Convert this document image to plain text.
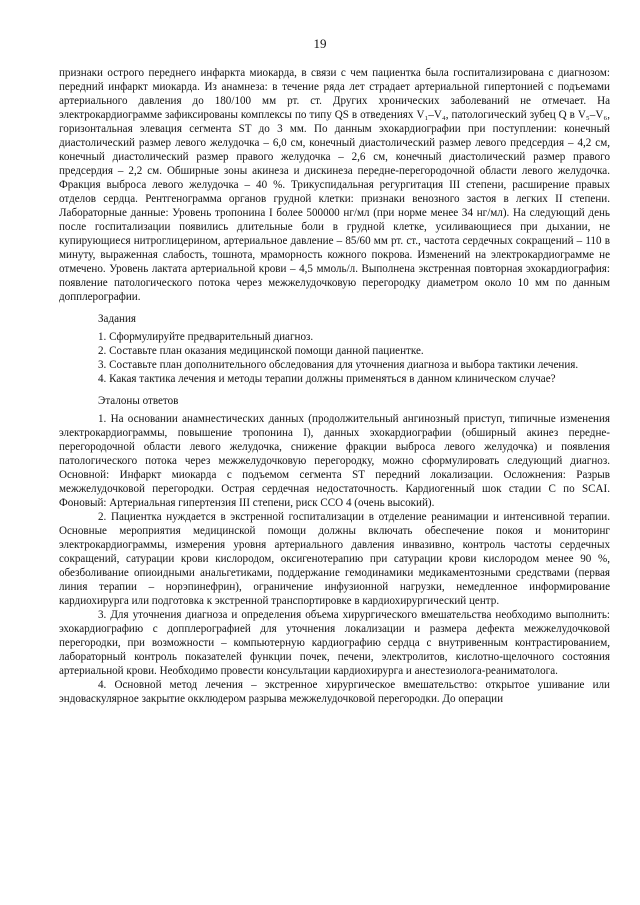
19

признаки острого переднего инфаркта миокарда, в связи с чем пациентка была госпитализирована с диагнозом: передний инфаркт миокарда. Из анамнеза: в течение ряда лет страдает артериальной гипертонией с подъемами артериального давления до 180/100 мм рт. ст. Других хронических заболеваний не отмечает. На электрокардиограмме зафиксированы комплексы по типу QS в отведениях V₁–V₄, патологический зубец Q в V₅–V₆, горизонтальная элевация сегмента ST до 3 мм. По данным эхокардиографии при поступлении: конечный диастолический размер левого желудочка – 6,0 см, конечный диастолический размер левого предсердия – 4,2 см, конечный диастолический размер правого желудочка – 2,6 см, конечный диастолический размер правого предсердия – 2,2 см. Обширные зоны акинеза и дискинеза передне-перегородочной области левого желудочка. Фракция выброса левого желудочка – 40 %. Трикуспидальная регургитация III степени, расширение правых отделов сердца. Рентгенограмма органов грудной клетки: признаки венозного застоя в легких II степени. Лабораторные данные: Уровень тропонина I более 500000 нг/мл (при норме менее 34 нг/мл). На следующий день после госпитализации появились длительные боли в грудной клетке, усиливающиеся при дыхании, не купирующиеся нитроглицерином, артериальное давление – 85/60 мм рт. ст., частота сердечных сокращений – 110 в минуту, выраженная слабость, тошнота, мраморность кожного покрова. Изменений на электрокардиограмме не отмечено. Уровень лактата артериальной крови – 4,5 ммоль/л. Выполнена экстренная повторная эхокардиография: появление патологического потока через межжелудочковую перегородку диаметром около 10 мм по данным допплерографии.

Задания

1. Сформулируйте предварительный диагноз.

2. Составьте план оказания медицинской помощи данной пациентке.

3. Составьте план дополнительного обследования для уточнения диагноза и выбора тактики лечения.

4. Какая тактика лечения и методы терапии должны применяться в данном клиническом случае?

Эталоны ответов

1. На основании анамнестических данных (продолжительный ангинозный приступ, типичные изменения электрокардиограммы, повышение тропонина I), данных эхокардиографии (обширный акинез передне-перегородочной области левого желудочка, снижение фракции выброса левого желудочка) и появления патологического потока через межжелудочковую перегородку, можно сформулировать следующий диагноз. Основной: Инфаркт миокарда с подъемом сегмента ST передний локализации. Осложнения: Разрыв межжелудочковой перегородки. Острая сердечная недостаточность. Кардиогенный шок стадии С по SCAI. Фоновый: Артериальная гипертензия III степени, риск ССО 4 (очень высокий).

2. Пациентка нуждается в экстренной госпитализации в отделение реанимации и интенсивной терапии. Основные мероприятия медицинской помощи должны включать обеспечение покоя и мониторинг электрокардиограммы, измерения уровня артериального давления инвазивно, контроль частоты сердечных сокращений, сатурации крови кислородом, оксигенотерапию при сатурации крови кислородом менее 90 %, обезболивание опиоидными анальгетиками, поддержание гемодинамики медикаментозными средствами (первая линия терапии – норэпинефрин), ограничение инфузионной нагрузки, немедленное информирование кардиохирурга или подготовка к экстренной транспортировке в кардиохирургический центр.

3. Для уточнения диагноза и определения объема хирургического вмешательства необходимо выполнить: эхокардиографию с допплерографией для уточнения локализации и размера дефекта межжелудочковой перегородки, при возможности – компьютерную кардиографию сердца с внутривенным контрастированием, лабораторный контроль показателей функции почек, печени, электролитов, кислотно-щелочного состояния артериальной крови. Необходимо провести консультации кардиохирурга и анестезиолога-реаниматолога.

4. Основной метод лечения – экстренное хирургическое вмешательство: открытое ушивание или эндоваскулярное закрытие окклюдером разрыва межжелудочковой перегородки. До операции
